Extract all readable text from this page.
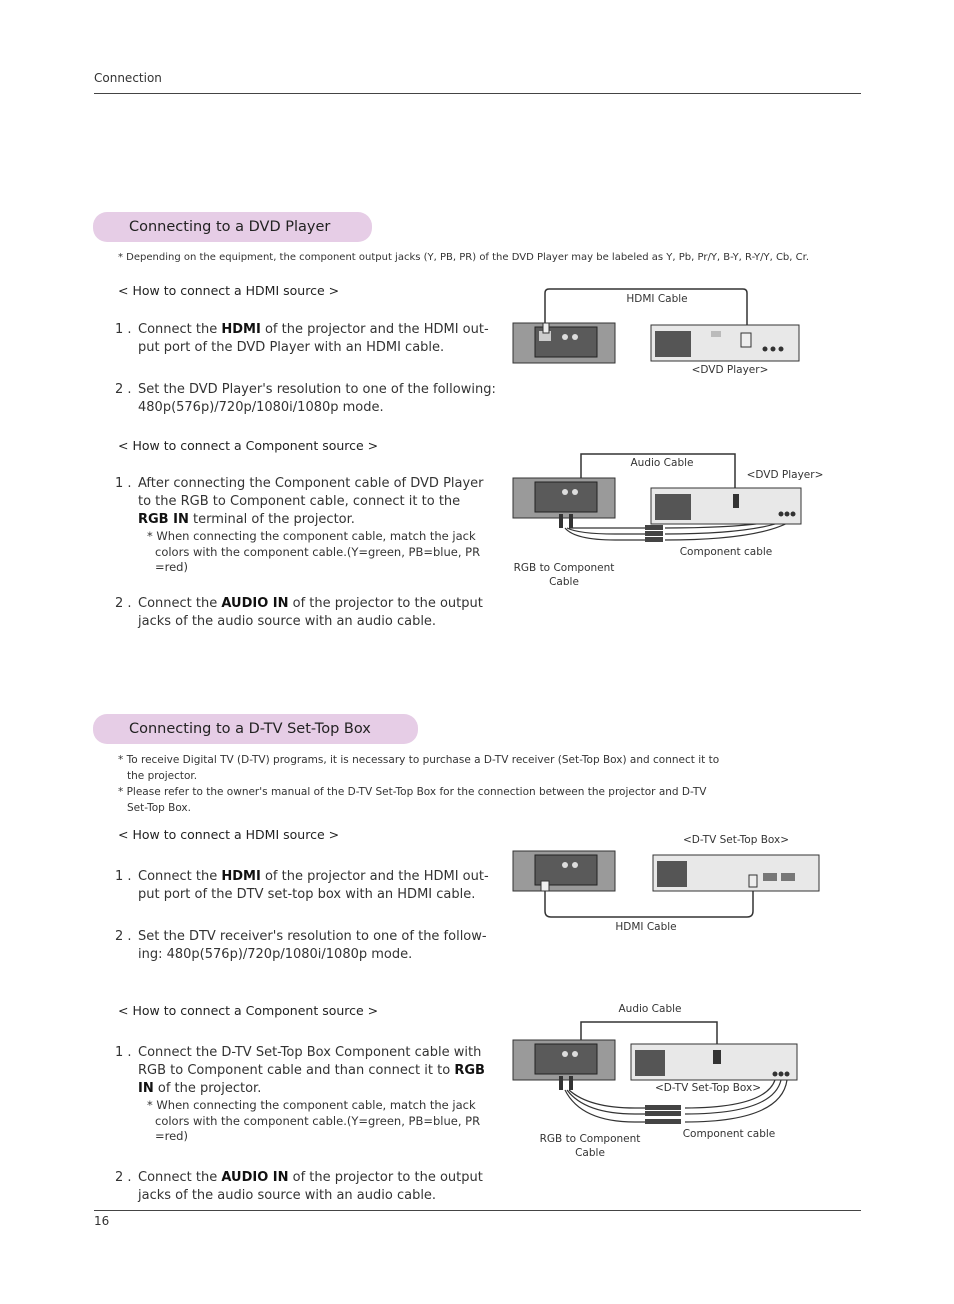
Connection
Connecting to a DVD Player
* Depending on the equipment, the component output jacks (Y, PB, PR) of the DVD Player may be labeled as Y, Pb, Pr/Y, B-Y, R-Y/Y, Cb, Cr.
< How to connect a HDMI source >
1 . Connect the HDMI of the projector and the HDMI out-
put port of the DVD Player with an HDMI cable.
2 . Set the DVD Player's resolution to one of the following:
480p(576p)/720p/1080i/1080p mode.
HDMI Cable
<DVD Player>
< How to connect a Component source >
1 . After connecting the Component cable of DVD Player
to the RGB to Component cable, connect it to the
RGB IN terminal of the projector.
* When connecting the component cable, match the jack
colors with the component cable.(Y=green, PB=blue, PR
=red)
2 . Connect the AUDIO IN of the projector to the output
jacks of the audio source with an audio cable.
Audio Cable
<DVD Player>
Component cable
RGB to Component
Cable
Connecting to a D-TV Set-Top Box
* To receive Digital TV (D-TV) programs, it is necessary to purchase a D-TV receiver (Set-Top Box) and connect it to
the projector.
* Please refer to the owner's manual of the D-TV Set-Top Box for the connection between the projector and D-TV
Set-Top Box.
< How to connect a HDMI source >
1 . Connect the HDMI of the projector and the HDMI out-
put port of the DTV set-top box with an HDMI cable.
2 . Set the DTV receiver's resolution to one of the follow-
ing: 480p(576p)/720p/1080i/1080p mode.
<D-TV Set-Top Box>
HDMI Cable
< How to connect a Component source >
1 . Connect the D-TV Set-Top Box Component cable with
RGB to Component cable and than connect it to RGB
IN of the projector.
* When connecting the component cable, match the jack
colors with the component cable.(Y=green, PB=blue, PR
=red)
2 . Connect the AUDIO IN of the projector to the output
jacks of the audio source with an audio cable.
Audio Cable
<D-TV Set-Top Box>
Component cable
RGB to Component
Cable
16
